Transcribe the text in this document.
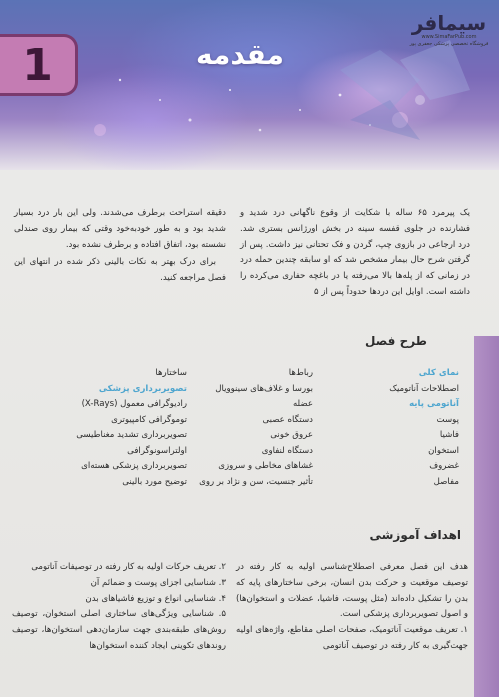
1	مقدمه
سیمافر
www.SimaFarPub.com
فروشگاه تخصصی پزشکی جعفری پور
یک پیرمرد ۶۵ ساله با شکایت از وقوع ناگهانی درد شدید و فشارنده در جلوی قفسه سینه در بخش اورژانس بستری شد. درد ارجاعی در بازوی چپ، گردن و فک تحتانی نیز داشت. پس از گرفتن شرح حال بیمار مشخص شد که او سابقه چندین حمله درد در زمانی که از پله‌ها بالا می‌رفته یا در باغچه حفاری می‌کرده را داشته است. اوایل این دردها حدوداً پس از ۵

دقیقه استراحت برطرف می‌شدند. ولی این بار درد بسیار شدید بود و به طور خودبه‌خود وقتی که بیمار روی صندلی نشسته بود، اتفاق افتاده و برطرف نشده بود.

برای درک بهتر به نکات بالینی ذکر شده در انتهای این فصل مراجعه کنید.

طرح فصل
نمای کلی
اصطلاحات آناتومیک
آناتومی پایه
پوست
فاشیا
استخوان
غضروف
مفاصل
رباط‌ها
بورسا و غلاف‌های سینوویال
عضله
دستگاه عصبی
عروق خونی
دستگاه لنفاوی
غشاهای مخاطی و سروزی
تأثیر جنسیت، سن و نژاد بر روی
ساختارها
تصویربرداری پزشکی
رادیوگرافی معمول (X-Rays)
توموگرافی کامپیوتری
تصویربرداری تشدید مغناطیسی
اولتراسونوگرافی
تصویربرداری پزشکی هسته‌ای
توضیح مورد بالینی
اهداف آموزشی

هدف این فصل معرفی اصطلاح‌شناسی اولیه به کار رفته در توصیف موقعیت و حرکت بدن انسان، برخی ساختارهای پایه که بدن را تشکیل داده‌اند (مثل پوست، فاشیا، عضلات و استخوان‌ها) و اصول تصویربرداری پزشکی است.

۱. تعریف موقعیت آناتومیک، صفحات اصلی مقاطع، واژه‌های اولیه جهت‌گیری به کار رفته در توصیف آناتومی

۲. تعریف حرکات اولیه به کار رفته در توصیفات آناتومی
۳. شناسایی اجزای پوست و ضمائم آن
۴. شناسایی انواع و توزیع فاشیاهای بدن
۵. شناسایی ویژگی‌های ساختاری اصلی استخوان، توصیف روش‌های طبقه‌بندی جهت سازمان‌دهی استخوان‌ها، توصیف روندهای تکوینی ایجاد کننده استخوان‌ها
